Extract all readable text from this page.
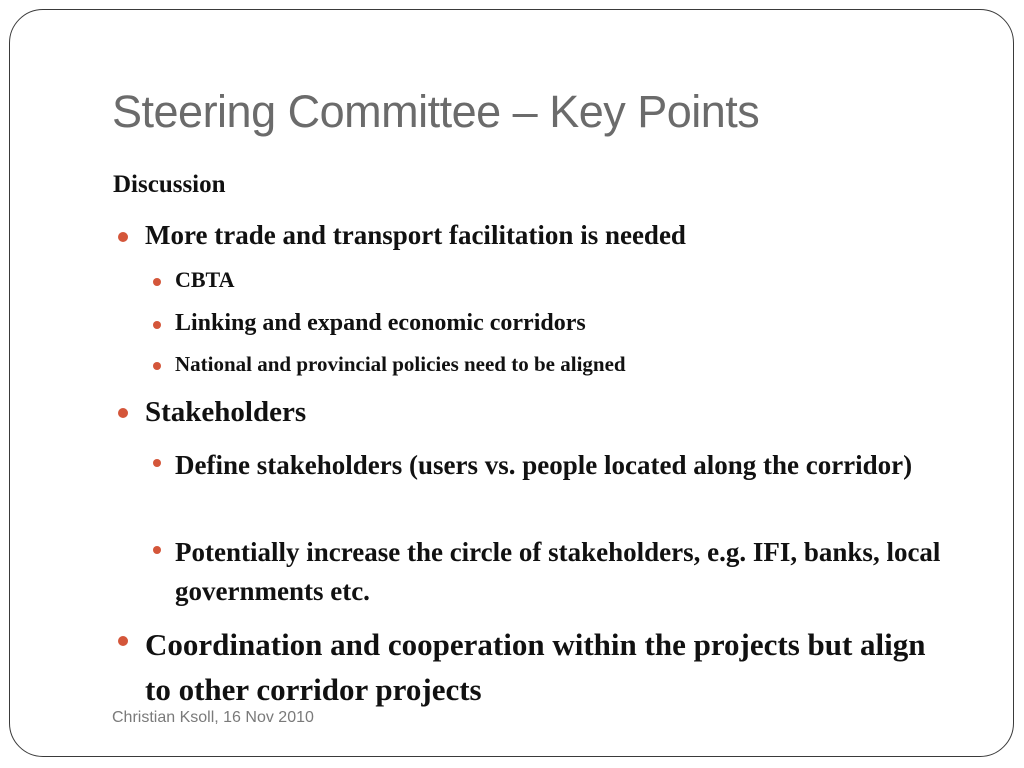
Steering Committee – Key Points
Discussion
More trade and transport facilitation is needed
CBTA
Linking and expand economic corridors
National and provincial policies need to be aligned
Stakeholders
Define stakeholders (users vs. people located along the corridor)
Potentially increase the circle of stakeholders, e.g. IFI, banks, local governments etc.
Coordination and cooperation within the projects but align to other corridor projects
Christian Ksoll, 16 Nov 2010
